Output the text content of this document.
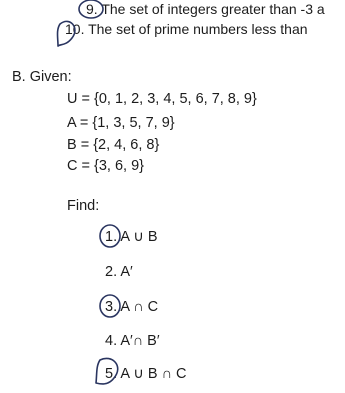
9. The set of integers greater than -3 a
10. The set of prime numbers less than
B. Given:
U = {0, 1, 2, 3, 4, 5, 6, 7, 8, 9}
A = {1, 3, 5, 7, 9}
B = {2, 4, 6, 8}
C = {3, 6, 9}
Find:
1. A ∪ B
2. A′
3. A ∩ C
4. A′∩ B′
5. A ∪ B ∩ C
